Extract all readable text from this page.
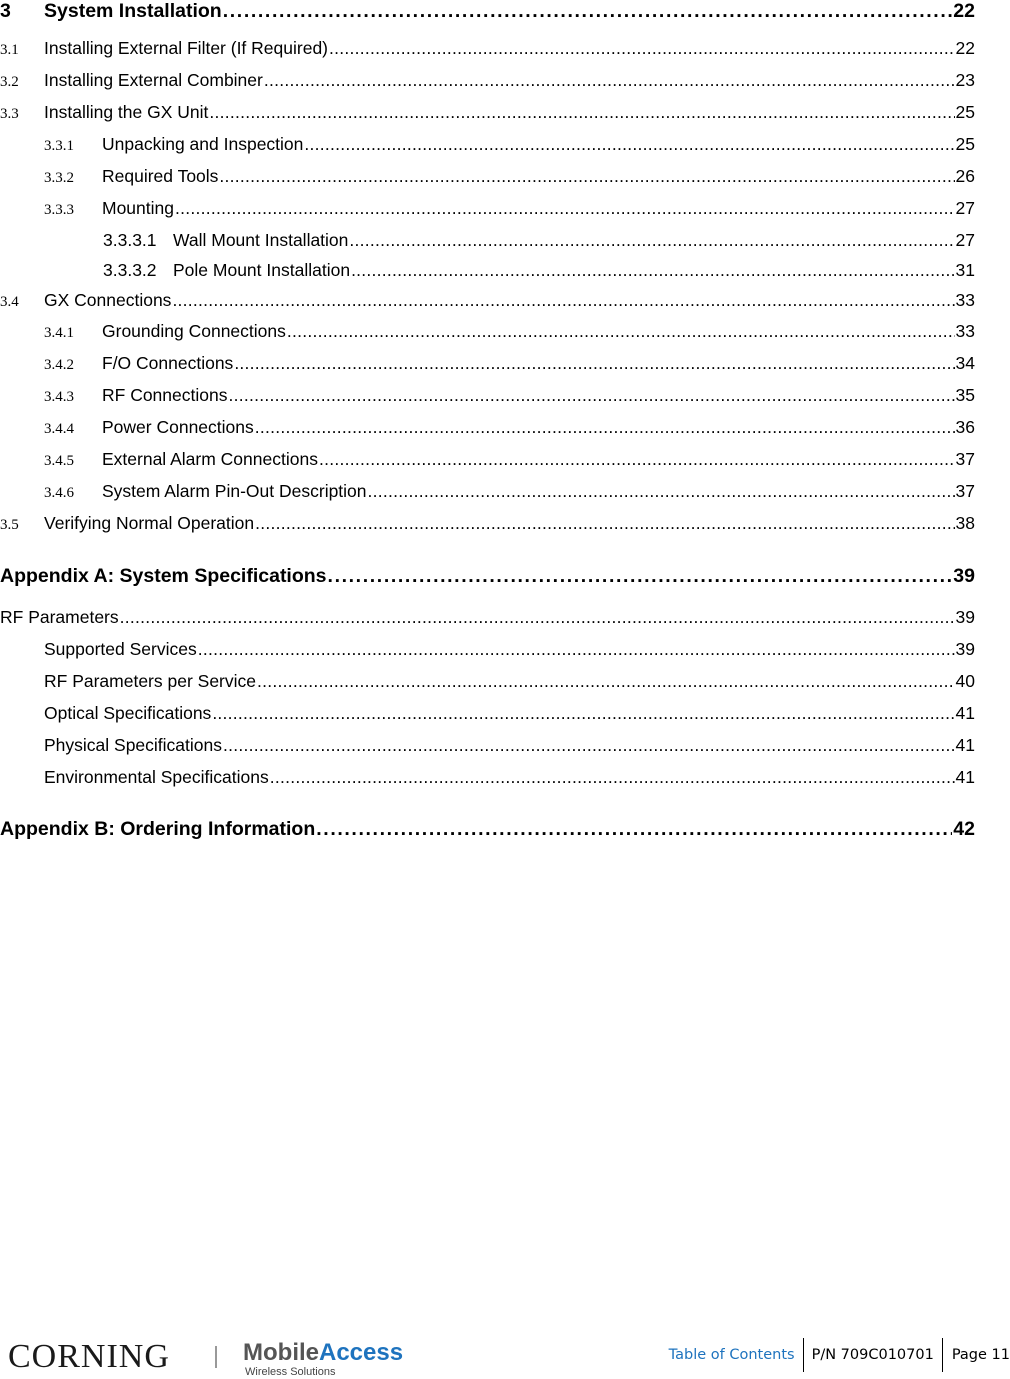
3 System Installation . . .	22
3.1 Installing External Filter (If Required) . . .	22
3.2 Installing External Combiner . . .	23
3.3 Installing the GX Unit . . .	25
3.3.1 Unpacking and Inspection . . .	25
3.3.2 Required Tools . . .	26
3.3.3 Mounting . . .	27
3.3.3.1 Wall Mount Installation . . .	27
3.3.3.2 Pole Mount Installation . . .	31
3.4 GX Connections . . .	33
3.4.1 Grounding Connections . . .	33
3.4.2 F/O Connections . . .	34
3.4.3 RF Connections . . .	35
3.4.4 Power Connections . . .	36
3.4.5 External Alarm Connections . . .	37
3.4.6 System Alarm Pin-Out Description . . .	37
3.5 Verifying Normal Operation . . .	38
Appendix A: System Specifications . . .	39
RF Parameters . . .	39
Supported Services . . .	39
RF Parameters per Service . . .	40
Optical Specifications . . .	41
Physical Specifications . . .	41
Environmental Specifications . . .	41
Appendix B: Ordering Information . . .	42
CORNING	MobileAccess
Wireless Solutions
Table of Contents	P/N 709C010701	Page 11
